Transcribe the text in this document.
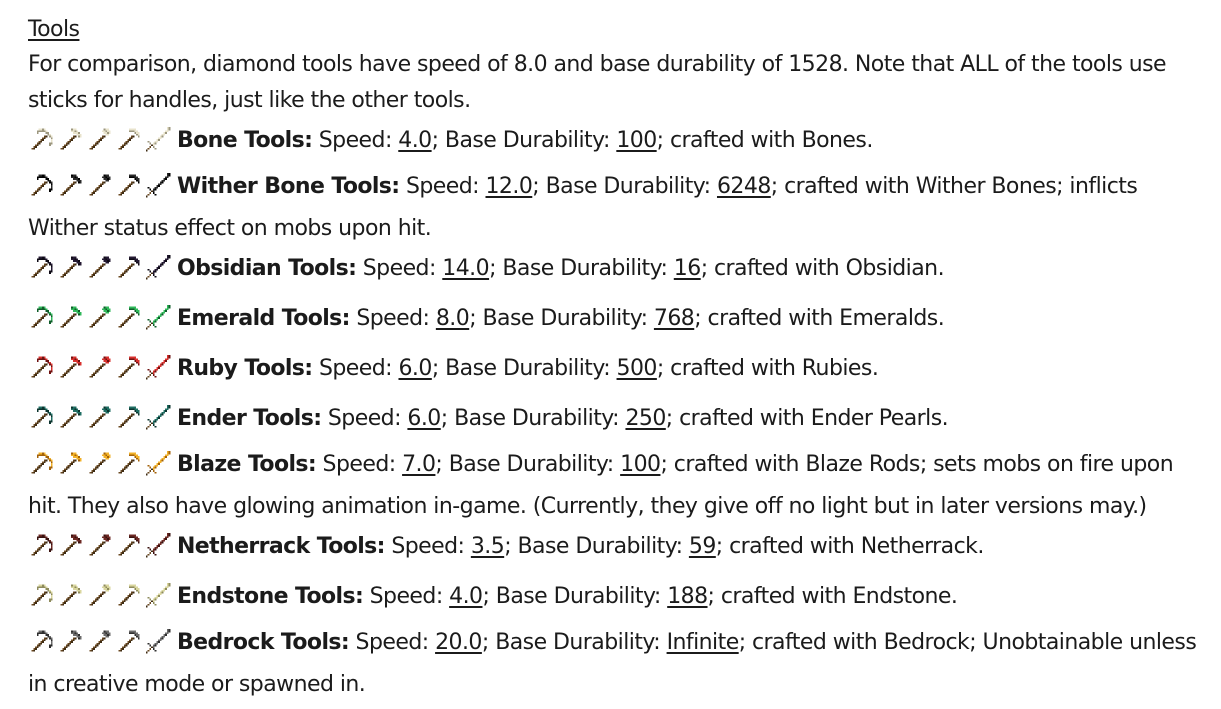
Tools
For comparison, diamond tools have speed of 8.0 and base durability of 1528. Note that ALL of the tools use sticks for handles, just like the other tools.
Bone Tools: Speed: 4.0; Base Durability: 100; crafted with Bones.
Wither Bone Tools: Speed: 12.0; Base Durability: 6248; crafted with Wither Bones; inflicts Wither status effect on mobs upon hit.
Obsidian Tools: Speed: 14.0; Base Durability: 16; crafted with Obsidian.
Emerald Tools: Speed: 8.0; Base Durability: 768; crafted with Emeralds.
Ruby Tools: Speed: 6.0; Base Durability: 500; crafted with Rubies.
Ender Tools: Speed: 6.0; Base Durability: 250; crafted with Ender Pearls.
Blaze Tools: Speed: 7.0; Base Durability: 100; crafted with Blaze Rods; sets mobs on fire upon hit. They also have glowing animation in-game. (Currently, they give off no light but in later versions may.)
Netherrack Tools: Speed: 3.5; Base Durability: 59; crafted with Netherrack.
Endstone Tools: Speed: 4.0; Base Durability: 188; crafted with Endstone.
Bedrock Tools: Speed: 20.0; Base Durability: Infinite; crafted with Bedrock; Unobtainable unless in creative mode or spawned in.
